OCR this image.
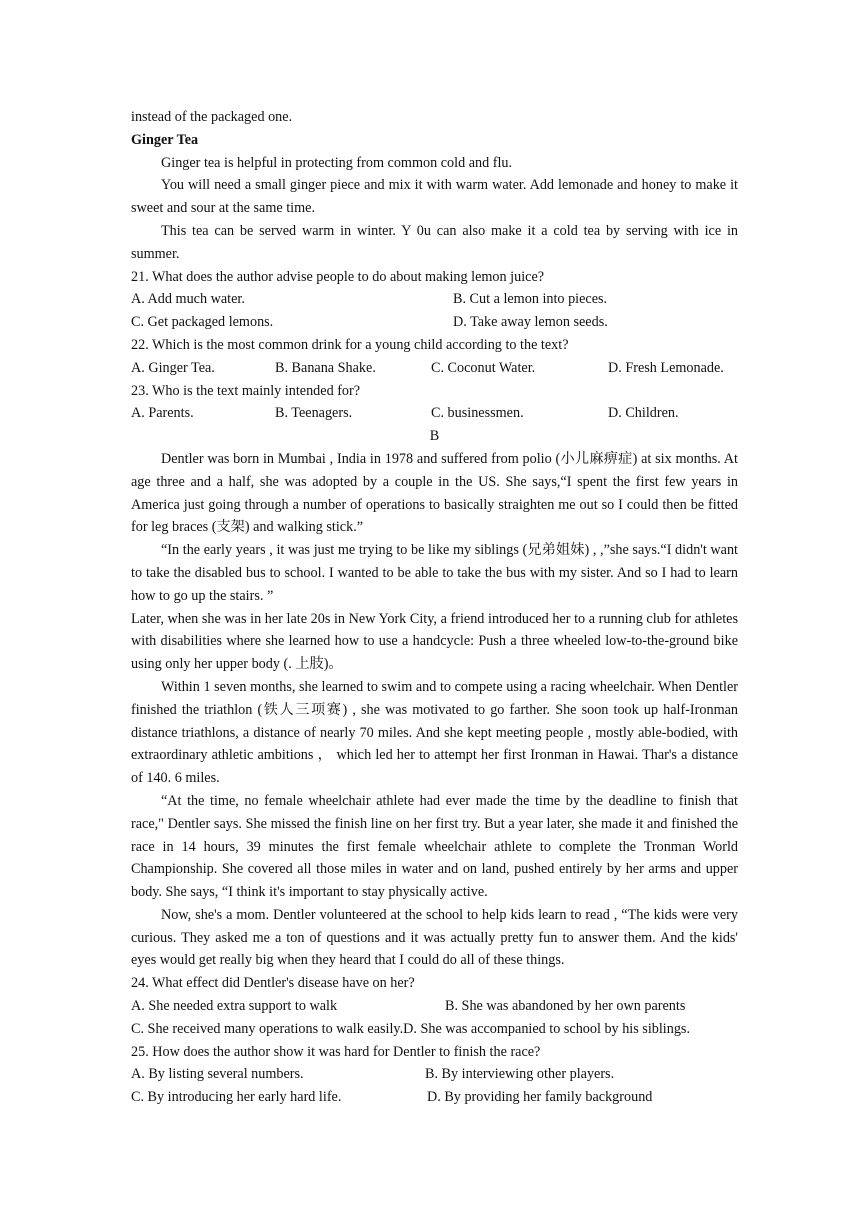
instead of the packaged one.

Ginger Tea

Ginger tea is helpful in protecting from common cold and flu.

You will need a small ginger piece and mix it with warm water. Add lemonade and honey to make it sweet and sour at the same time.

This tea can be served warm in winter. Y 0u can also make it a cold tea by serving with ice in summer.

21. What does the author advise people to do about making lemon juice?

A. Add much water.	B. Cut a lemon into pieces.
C. Get packaged lemons.	D. Take away lemon seeds.

22. Which is the most common drink for a young child according to the text?

A. Ginger Tea.	B. Banana Shake.	C. Coconut Water.	D. Fresh Lemonade.

23. Who is the text mainly intended for?

A. Parents.	B. Teenagers.	C. businessmen.	D. Children.

B

Dentler was born in Mumbai , India in 1978 and suffered from polio (小儿麻痹症) at six months. At age three and a half, she was adopted by a couple in the US. She says,“I spent the first few years in America just going through a number of operations to basically straighten me out so I could then be fitted for leg braces (支架) and walking stick.”

“In the early years , it was just me trying to be like my siblings (兄弟姐妹) , ,”she says.“I didn't want to take the disabled bus to school. I wanted to be able to take the bus with my sister. And so I had to learn how to go up the stairs. ”

Later, when she was in her late 20s in New York City, a friend introduced her to a running club for athletes with disabilities where she learned how to use a handcycle: Push a three wheeled low-to-the-ground bike using only her upper body (. 上肢)。

Within 1 seven months, she learned to swim and to compete using a racing wheelchair. When Dentler finished the triathlon (铁人三项赛) , she was motivated to go farther. She soon took up half-Ironman distance triathlons, a distance of nearly 70 miles. And she kept meeting people , mostly able-bodied, with extraordinary athletic ambitions ， which led her to attempt her first Ironman in Hawai. Thar's a distance of 140. 6 miles.

“At the time, no female wheelchair athlete had ever made the time by the deadline to finish that race," Dentler says. She missed the finish line on her first try. But a year later, she made it and finished the race in 14 hours, 39 minutes the first female wheelchair athlete to complete the Tronman World Championship. She covered all those miles in water and on land, pushed entirely by her arms and upper body. She says, “I think it's important to stay physically active.

Now, she's a mom. Dentler volunteered at the school to help kids learn to read , “The kids were very curious. They asked me a ton of questions and it was actually pretty fun to answer them. And the kids' eyes would get really big when they heard that I could do all of these things.

24. What effect did Dentler's disease have on her?

A. She needed extra support to walk	B. She was abandoned by her own parents
C. She received many operations to walk easily. D. She was accompanied to school by his siblings.

25. How does the author show it was hard for Dentler to finish the race?

A. By listing several numbers.	B. By interviewing other players.
C. By introducing her early hard life.	D. By providing her family background
